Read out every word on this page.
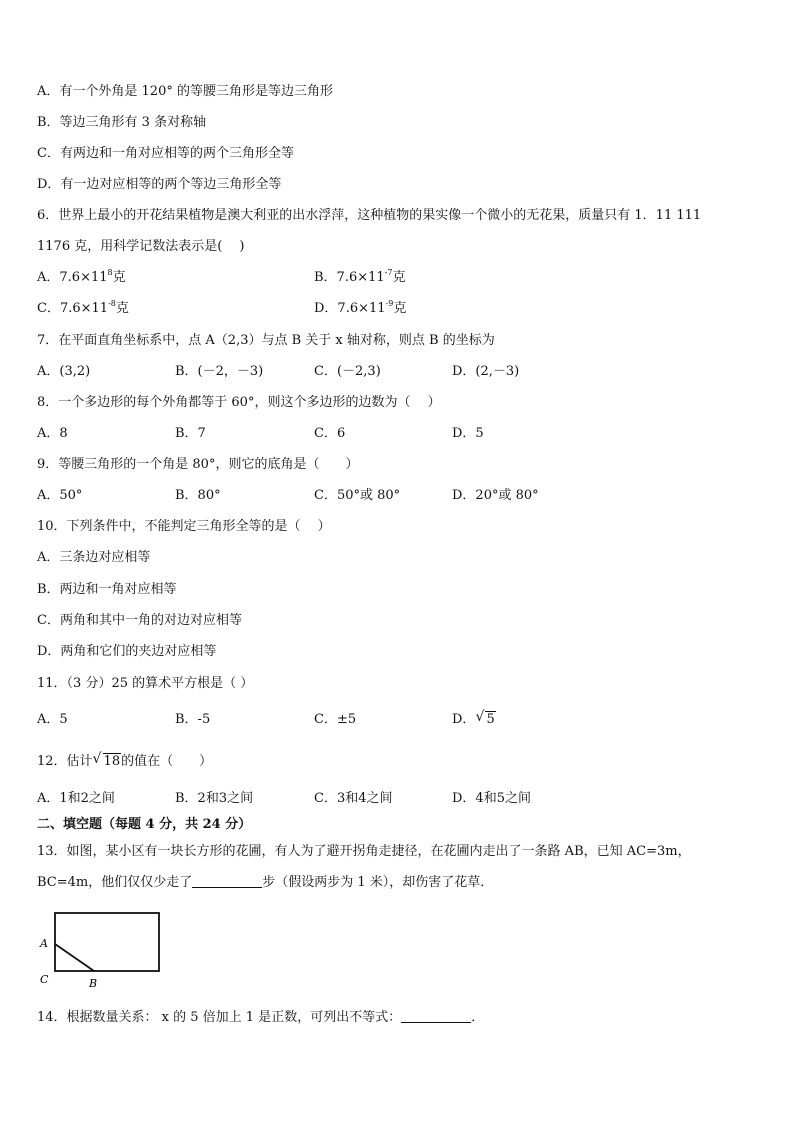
A．有一个外角是 120° 的等腰三角形是等边三角形
B．等边三角形有 3 条对称轴
C．有两边和一角对应相等的两个三角形全等
D．有一边对应相等的两个等边三角形全等
6．世界上最小的开花结果植物是澳大利亚的出水浮萍，这种植物的果实像一个微小的无花果，质量只有 1．11 111
1176 克，用科学记数法表示是(　 )
A．$7.6\times 11^8$克	B．$7.6\times 11^{-7}$克
C．$7.6\times 11^{-8}$克	D．$7.6\times 11^{-9}$克
7．在平面直角坐标系中，点 A（2,3）与点 B 关于 x 轴对称，则点 B 的坐标为
A．(3,2)	B．(－2，－3)	C．(－2,3)	D．(2,－3)
8．一个多边形的每个外角都等于 60°，则这个多边形的边数为（　 ）
A．8	B．7	C．6	D．5
9．等腰三角形的一个角是 80°，则它的底角是（　　）
A．50°	B．80°	C．50°或 80°	D．20°或 80°
10．下列条件中，不能判定三角形全等的是（　 ）
A．三条边对应相等
B．两边和一角对应相等
C．两角和其中一角的对边对应相等
D．两角和它们的夹边对应相等
11．（3 分）25 的算术平方根是（ ）
A．5	B．-5	C．±5	D． √ 5
12．估计 √ 18的值在（　　）
A．1和2之间	B．2和3之间	C．3和4之间	D．4和5之间
二、填空题（每题 4 分，共 24 分）
13．如图，某小区有一块长方形的花圃，有人为了避开拐角走捷径，在花圃内走出了一条路 AB，已知 AC=3m，
BC=4m，他们仅仅少走了	步（假设两步为 1 米），却伤害了花草．
A
C	B
14．根据数量关系： x 的 5 倍加上 1 是正数，可列出不等式：	．
